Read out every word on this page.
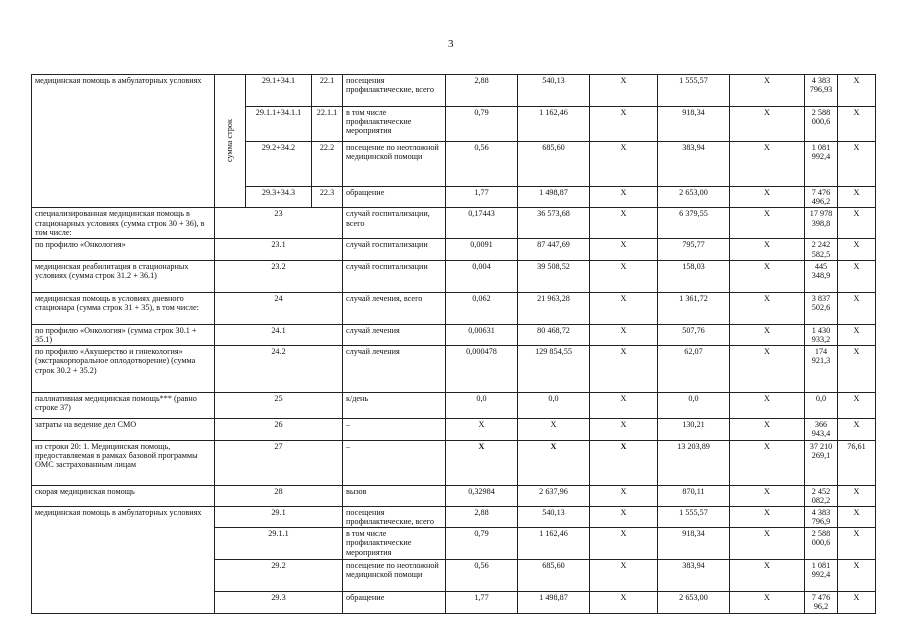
3
медицинская помощь в амбулаторных условиях	сумма строк	29.1+34.1	22.1	посещения профилактические, всего	2,88	540,13	X	1 555,57	X	4 383 796,93	X
		29.1.1+34.1.1	22.1.1	в том числе профилактические мероприятия	0,79	1 162,46	X	918,34	X	2 588 000,6	X
		29.2+34.2	22.2	посещение по неотложной медицинской помощи	0,56	685,60	X	383,94	X	1 081 992,4	X
		29.3+34.3	22.3	обращение	1,77	1 498,87	X	2 653,00	X	7 476 496,2	X
специализированная медицинская помощь в стационарных условиях (сумма строк 30 + 36), в том числе:	23			случай госпитализации, всего	0,17443	36 573,68	X	6 379,55	X	17 978 398,8	X
по профилю «Онкология»	23.1			случай госпитализации	0,0091	87 447,69	X	795,77	X	2 242 582,5	X
медицинская реабилитация в стационарных условиях (сумма строк 31.2 + 36.1)	23.2			случай госпитализации	0,004	39 508,52	X	158,03	X	445 348,9	X
медицинская помощь в условиях дневного стационара (сумма строк 31 + 35), в том числе:	24			случай лечения, всего	0,062	21 963,28	X	1 361,72	X	3 837 502,6	X
по профилю «Онкология» (сумма строк 30.1 + 35.1)	24.1			случай лечения	0,00631	80 468,72	X	507,76	X	1 430 933,2	X
по профилю «Акушерство и гинекология» (экстракорпоральное оплодотворение) (сумма строк 30.2 + 35.2)	24.2			случай лечения	0,000478	129 854,55	X	62,07	X	174 921,3	X
паллиативная медицинская помощь*** (равно строке 37)	25			к/день	0,0	0,0	X	0,0	X	0,0	X
затраты на ведение дел СМО	26			–	X	X	X	130,21	X	366 943,4	X
из строки 20: 1. Медицинская помощь, предоставляемая в рамках базовой программы ОМС застрахованным лицам	27			–	X	X	X	13 203,89	X	37 210 269,1	76,61
скорая медицинская помощь	28			вызов	0,32984	2 637,96	X	870,11	X	2 452 082,2	X
медицинская помощь в амбулаторных условиях	29.1			посещения профилактические, всего	2,88	540,13	X	1 555,57	X	4 383 796,9	X
	29.1.1			в том числе профилактические мероприятия	0,79	1 162,46	X	918,34	X	2 588 000,6	X
	29.2			посещение по неотложной медицинской помощи	0,56	685,60	X	383,94	X	1 081 992,4	X
	29.3			обращение	1,77	1 498,87	X	2 653,00	X	7 476 96,2	X
